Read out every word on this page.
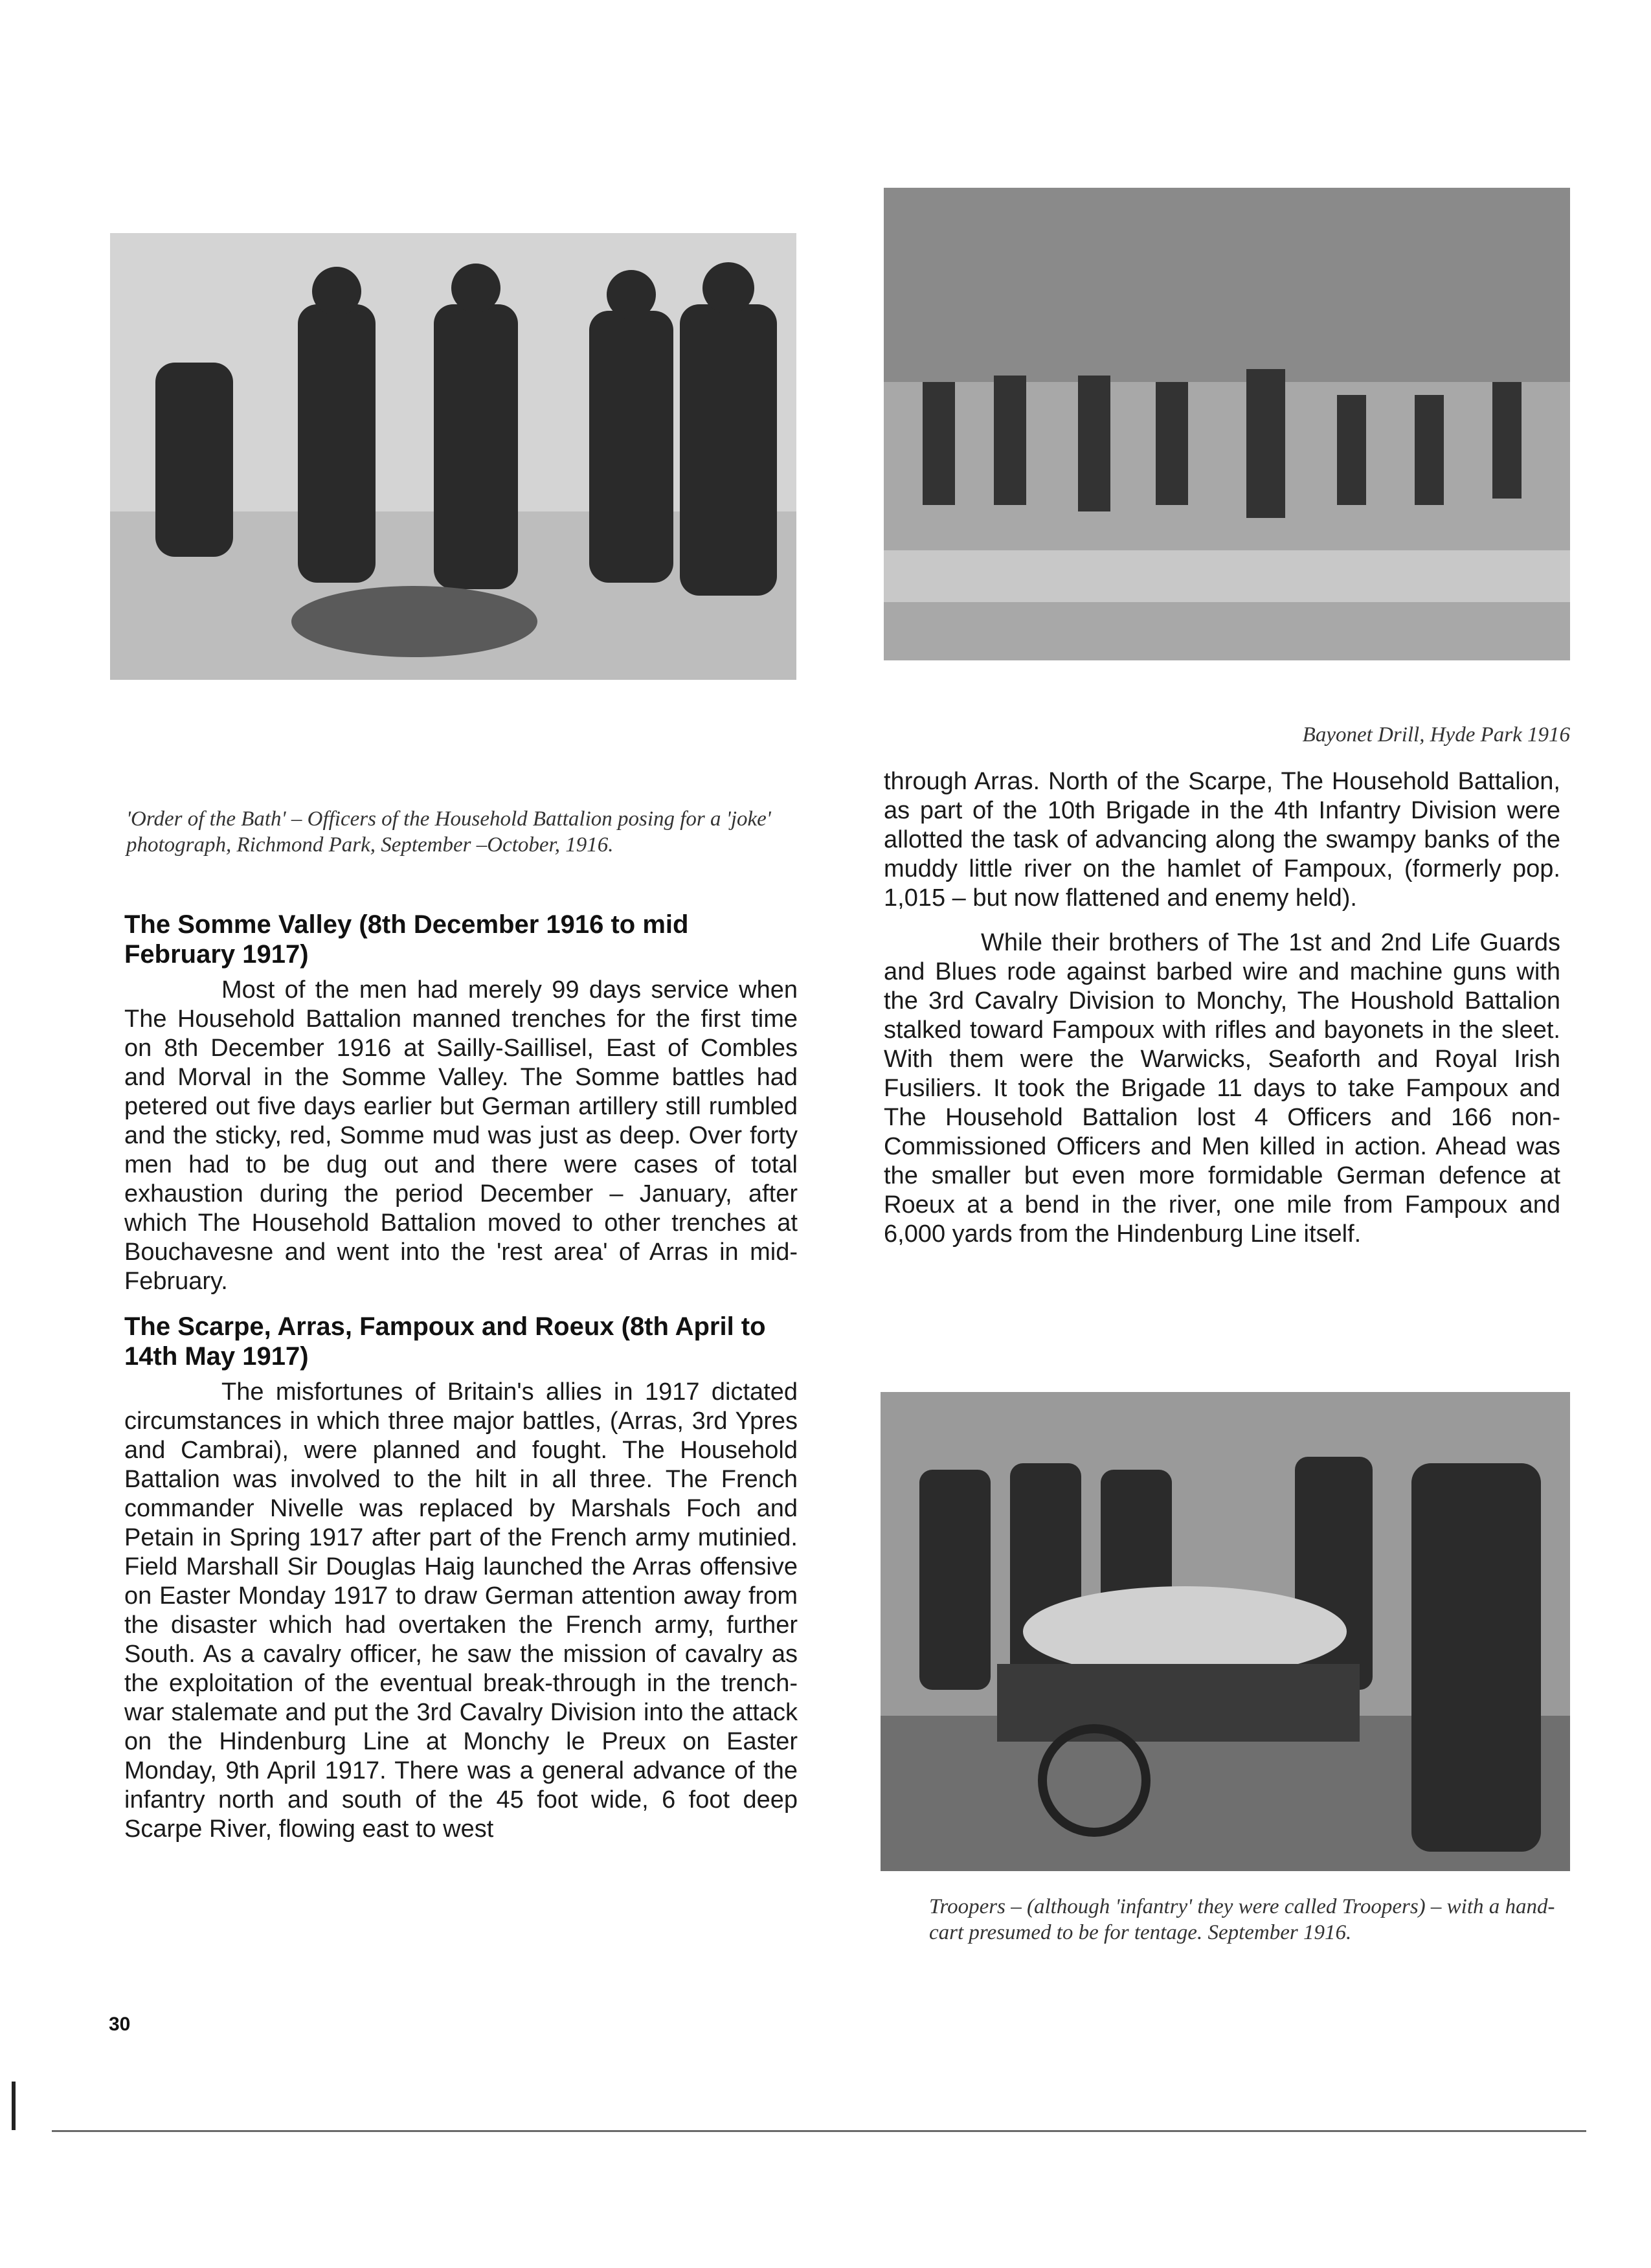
'Order of the Bath' – Officers of the Household Battalion posing for a 'joke' photograph, Richmond Park, September –October, 1916.

Bayonet Drill, Hyde Park 1916

Troopers – (although 'infantry' they were called Troopers) – with a hand-cart presumed to be for tentage. September 1916.

The Somme Valley (8th December 1916 to mid February 1917)

Most of the men had merely 99 days service when The Household Battalion manned trenches for the first time on 8th December 1916 at Sailly-Saillisel, East of Combles and Morval in the Somme Valley. The Somme battles had petered out five days earlier but German artillery still rumbled and the sticky, red, Somme mud was just as deep. Over forty men had to be dug out and there were cases of total exhaustion during the period December – January, after which The Household Battalion moved to other trenches at Bouchavesne and went into the 'rest area' of Arras in mid-February.

The Scarpe, Arras, Fampoux and Roeux (8th April to 14th May 1917)

The misfortunes of Britain's allies in 1917 dictated circumstances in which three major battles, (Arras, 3rd Ypres and Cambrai), were planned and fought. The Household Battalion was involved to the hilt in all three. The French commander Nivelle was replaced by Marshals Foch and Petain in Spring 1917 after part of the French army mutinied. Field Marshall Sir Douglas Haig launched the Arras offensive on Easter Monday 1917 to draw German attention away from the disaster which had overtaken the French army, further South. As a cavalry officer, he saw the mission of cavalry as the exploitation of the eventual break-through in the trench-war stalemate and put the 3rd Cavalry Division into the attack on the Hindenburg Line at Monchy le Preux on Easter Monday, 9th April 1917. There was a general advance of the infantry north and south of the 45 foot wide, 6 foot deep Scarpe River, flowing east to west

through Arras. North of the Scarpe, The Household Battalion, as part of the 10th Brigade in the 4th Infantry Division were allotted the task of advancing along the swampy banks of the muddy little river on the hamlet of Fampoux, (formerly pop. 1,015 – but now flattened and enemy held).

While their brothers of The 1st and 2nd Life Guards and Blues rode against barbed wire and machine guns with the 3rd Cavalry Division to Monchy, The Houshold Battalion stalked toward Fampoux with rifles and bayonets in the sleet. With them were the Warwicks, Seaforth and Royal Irish Fusiliers. It took the Brigade 11 days to take Fampoux and The Household Battalion lost 4 Officers and 166 non-Commissioned Officers and Men killed in action. Ahead was the smaller but even more formidable German defence at Roeux at a bend in the river, one mile from Fampoux and 6,000 yards from the Hindenburg Line itself.

30
